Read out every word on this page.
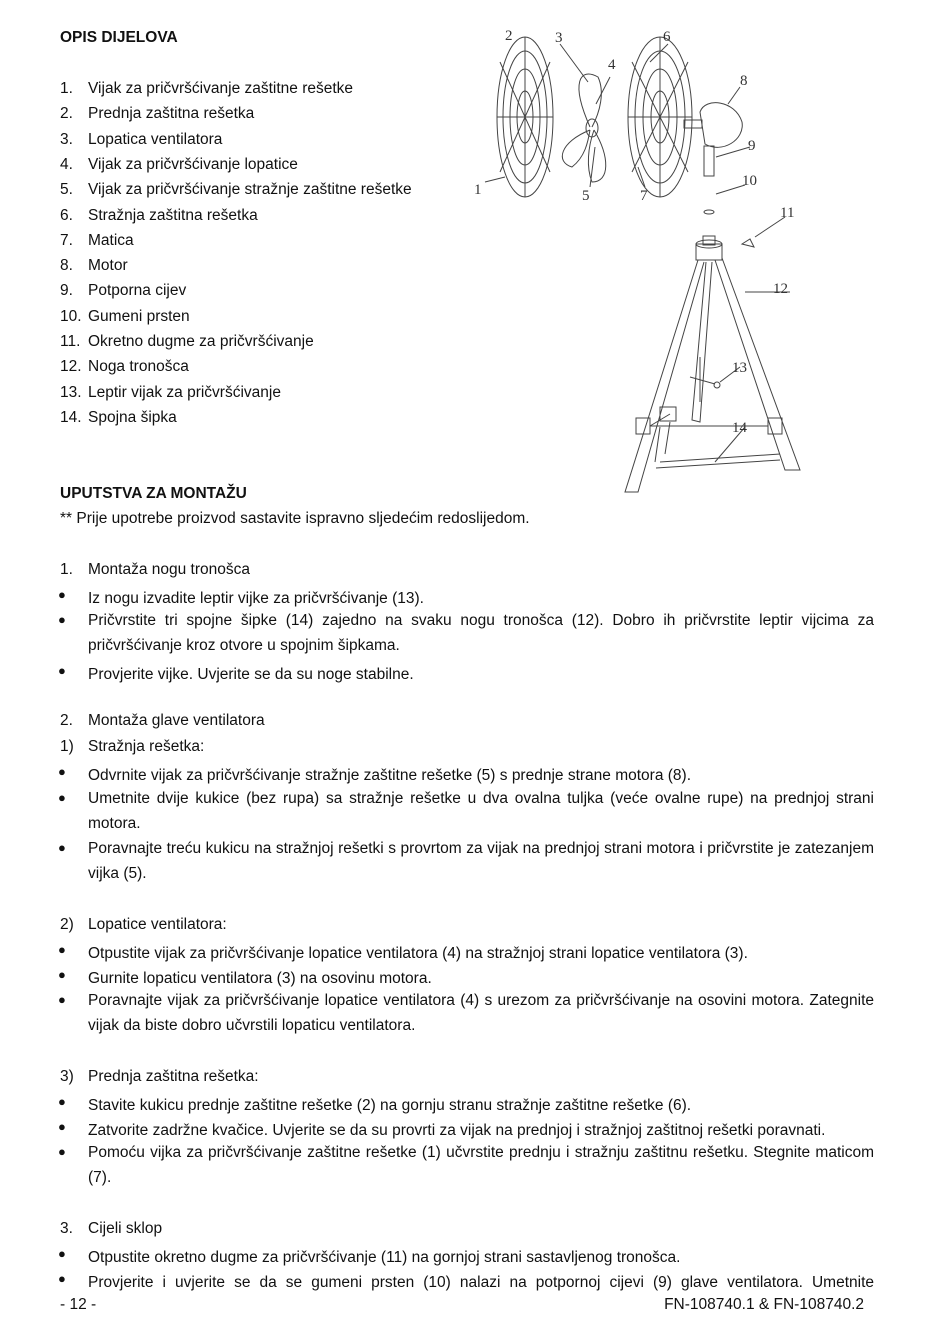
OPIS DIJELOVA
1. Vijak za pričvršćivanje zaštitne rešetke
2. Prednja zaštitna rešetka
3. Lopatica ventilatora
4. Vijak za pričvršćivanje lopatice
5. Vijak za pričvršćivanje stražnje zaštitne rešetke
6. Stražnja zaštitna rešetka
7. Matica
8. Motor
9. Potporna cijev
10. Gumeni prsten
11. Okretno dugme za pričvršćivanje
12. Noga tronošca
13. Leptir vijak za pričvršćivanje
14. Spojna šipka
1
2	3
4
5
6
7
8
9
10
11
12
13
14
UPUTSTVA ZA MONTAŽU
** Prije upotrebe proizvod sastavite ispravno sljedećim redoslijedom.
1. Montaža nogu tronošca
● Iz nogu izvadite leptir vijke za pričvršćivanje (13).
● Pričvrstite tri spojne šipke (14) zajedno na svaku nogu tronošca (12). Dobro ih pričvrstite leptir vijcima za pričvršćivanje kroz otvore u spojnim šipkama.
● Provjerite vijke. Uvjerite se da su noge stabilne.
2. Montaža glave ventilatora
1) Stražnja rešetka:
● Odvrnite vijak za pričvršćivanje stražnje zaštitne rešetke (5) s prednje strane motora (8).
● Umetnite dvije kukice (bez rupa) sa stražnje rešetke u dva ovalna tuljka (veće ovalne rupe) na prednjoj strani motora.
● Poravnajte treću kukicu na stražnjoj rešetki s provrtom za vijak na prednjoj strani motora i pričvrstite je zatezanjem vijka (5).
2) Lopatice ventilatora:
● Otpustite vijak za pričvršćivanje lopatice ventilatora (4) na stražnjoj strani lopatice ventilatora (3).
● Gurnite lopaticu ventilatora (3) na osovinu motora.
● Poravnajte vijak za pričvršćivanje lopatice ventilatora (4) s urezom za pričvršćivanje na osovini motora. Zategnite vijak da biste dobro učvrstili lopaticu ventilatora.
3) Prednja zaštitna rešetka:
● Stavite kukicu prednje zaštitne rešetke (2) na gornju stranu stražnje zaštitne rešetke (6).
● Zatvorite zadržne kvačice. Uvjerite se da su provrti za vijak na prednjoj i stražnjoj zaštitnoj rešetki poravnati.
● Pomoću vijka za pričvršćivanje zaštitne rešetke (1) učvrstite prednju i stražnju zaštitnu rešetku. Stegnite maticom (7).
3. Cijeli sklop
● Otpustite okretno dugme za pričvršćivanje (11) na gornjoj strani sastavljenog tronošca.
● Provjerite i uvjerite se da se gumeni prsten (10) nalazi na potpornoj cijevi (9) glave ventilatora. Umetnite
- 12 -	FN-108740.1 & FN-108740.2
